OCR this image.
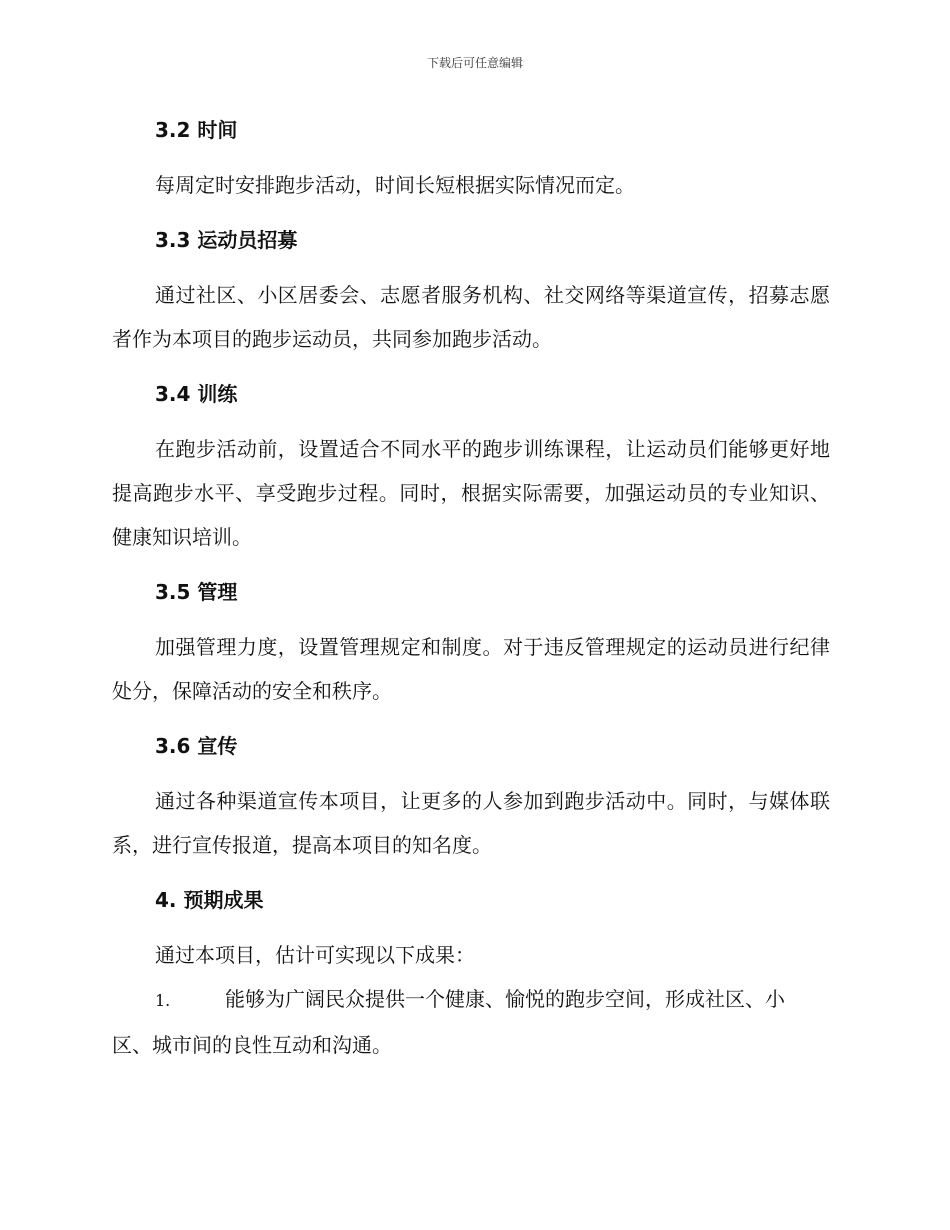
下载后可任意编辑
3.2 时间

每周定时安排跑步活动，时间长短根据实际情况而定。

3.3 运动员招募

通过社区、小区居委会、志愿者服务机构、社交网络等渠道宣传，招募志愿者作为本项目的跑步运动员，共同参加跑步活动。

3.4 训练

在跑步活动前，设置适合不同水平的跑步训练课程，让运动员们能够更好地提高跑步水平、享受跑步过程。同时，根据实际需要，加强运动员的专业知识、健康知识培训。

3.5 管理

加强管理力度，设置管理规定和制度。对于违反管理规定的运动员进行纪律处分，保障活动的安全和秩序。

3.6 宣传

通过各种渠道宣传本项目，让更多的人参加到跑步活动中。同时，与媒体联系，进行宣传报道，提高本项目的知名度。

4. 预期成果

通过本项目，估计可实现以下成果：

1.	能够为广阔民众提供一个健康、愉悦的跑步空间，形成社区、小

区、城市间的良性互动和沟通。
